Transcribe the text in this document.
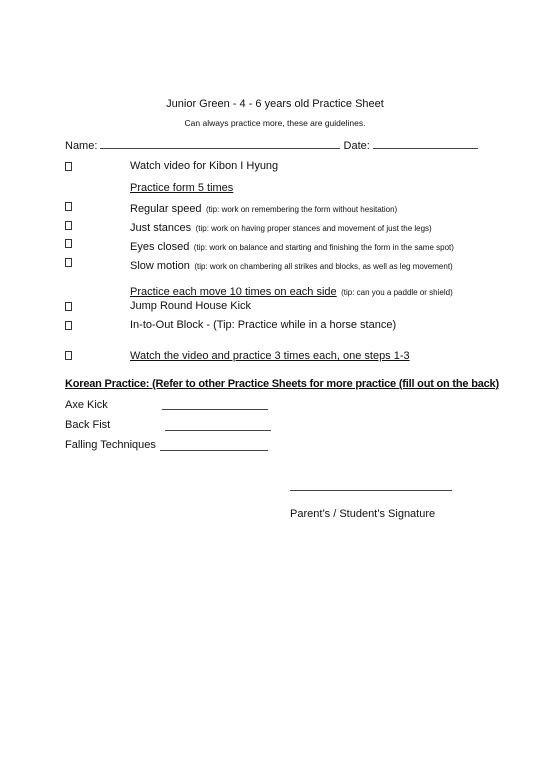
Junior Green - 4 - 6 years old Practice Sheet
Can always practice more, these are guidelines.
Name:	Date:
Watch video for Kibon I Hyung
Practice form 5 times
Regular speed (tip: work on remembering the form without hesitation)
Just stances (tip: work on having proper stances and movement of just the legs)
Eyes closed (tip: work on balance and starting and finishing the form in the same spot)
Slow motion (tip: work on chambering all strikes and blocks, as well as leg movement)
Practice each move 10 times on each side (tip: can you a paddle or shield)
Jump Round House Kick
In-to-Out Block - (Tip: Practice while in a horse stance)
Watch the video and practice 3 times each, one steps 1-3
Korean Practice: (Refer to other Practice Sheets for more practice (fill out on the back)
Axe Kick
Back Fist
Falling Techniques
Parent’s / Student’s Signature
